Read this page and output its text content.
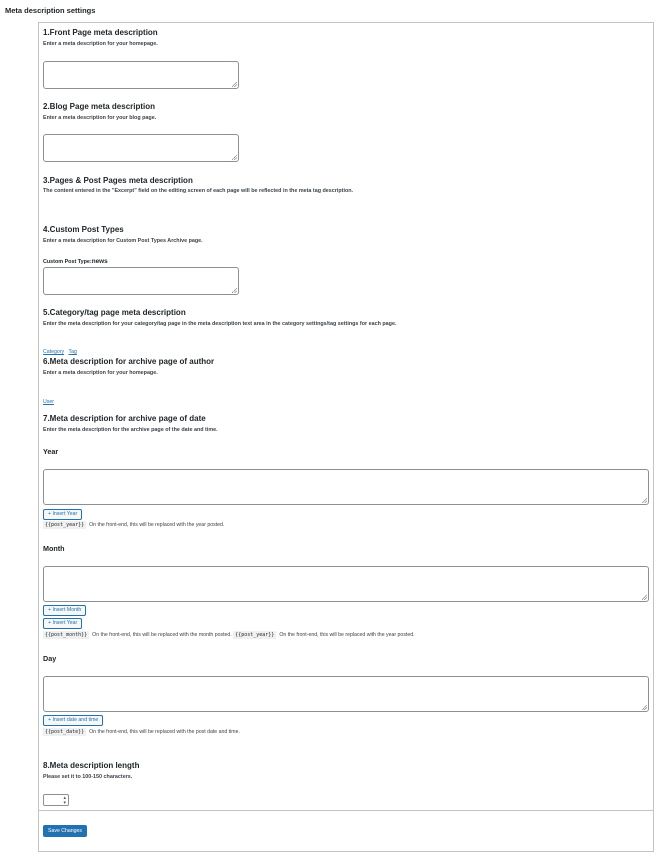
Meta description settings
1.Front Page meta description
Enter a meta description for your homepage.
2.Blog Page meta description
Enter a meta description for your blog page.
3.Pages & Post Pages meta description
The content entered in the "Excerpt" field on the editing screen of each page will be reflected in the meta tag description.
4.Custom Post Types
Enter a meta description for Custom Post Types Archive page.
Custom Post Type:news
5.Category/tag page meta description
Enter the meta description for your category/tag page in the meta description text area in the category settings/tag settings for each page.
Category Tag
6.Meta description for archive page of author
Enter a meta description for your homepage.
User
7.Meta description for archive page of date
Enter the meta description for the archive page of the date and time.
Year
+ Insert Year
{{post_year}} On the front-end, this will be replaced with the year posted.
Month
+ Insert Month
+ Insert Year
{{post_month}} On the front-end, this will be replaced with the month posted. {{post_year}} On the front-end, this will be replaced with the year posted.
Day
+ Insert date and time
{{post_date}} On the front-end, this will be replaced with the post date and time.
8.Meta description length
Please set it to 100-150 characters.
▴
▾
Save Changes
